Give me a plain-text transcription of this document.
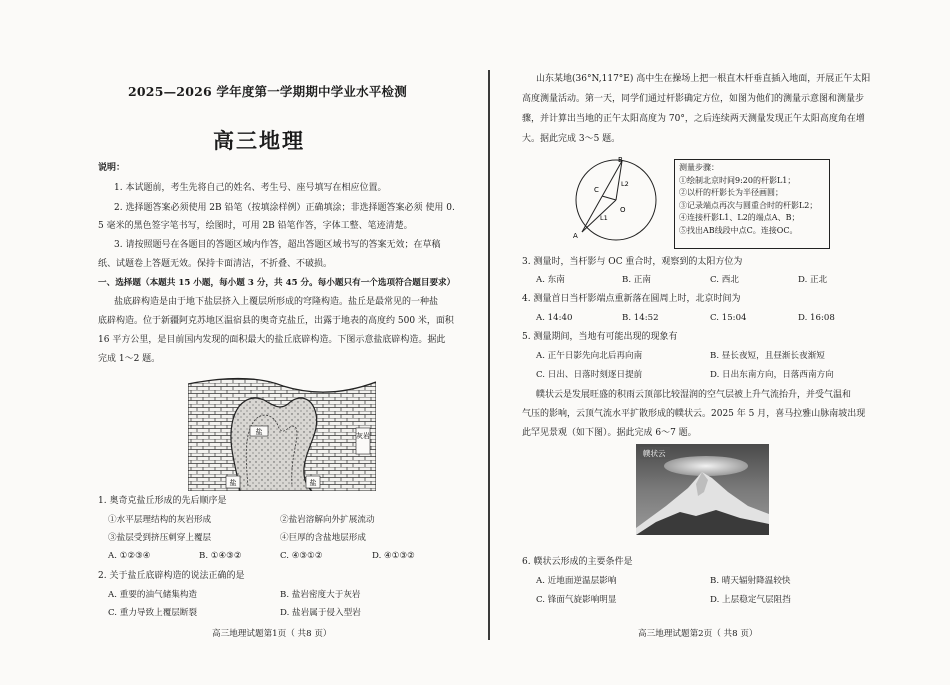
2025—2026 学年度第一学期期中学业水平检测
高三地理
说明：
1. 本试题前，考生先将自己的姓名、考生号、座号填写在相应位置。
2. 选择题答案必须使用 2B 铅笔（按填涂样例）正确填涂；非选择题答案必须 使用 0.
5 毫米的黑色签字笔书写，绘图时，可用 2B 铅笔作答，字体工整、笔迹清楚。
3. 请按照题号在各题目的答题区域内作答，超出答题区域书写的答案无效；在草稿
纸、试题卷上答题无效。保持卡面清洁，不折叠、不破损。
一、选择题（本题共 15 小题，每小题 3 分，共 45 分。每小题只有一个选项符合题目要求）
盐底辟构造是由于地下盐层挤入上覆层所形成的穹隆构造。盐丘是最常见的一种盐
底辟构造。位于新疆阿克苏地区温宿县的奥奇克盐丘，出露于地表的高度约 500 米，面积
16 平方公里，是目前国内发现的面积最大的盐丘底辟构造。下图示意盐底辟构造。据此
完成 1～2 题。
盐	灰岩
盐	盐
1. 奥奇克盐丘形成的先后顺序是
①水平层理结构的灰岩形成	②盐岩溶解向外扩展流动
③盐层受到挤压刺穿上覆层	④巨厚的含盐地层形成
A. ①②③④	B. ①④③②	C. ④③①②	D. ④①③②
2. 关于盐丘底辟构造的说法正确的是
A. 重要的油气储集构造	B. 盐岩密度大于灰岩
C. 重力导致上覆层断裂	D. 盐岩属于侵入型岩
高三地理试题第1页（ 共8 页）
山东某地(36°N,117°E) 高中生在操场上把一根直木杆垂直插入地面，开展正午太阳
高度测量活动。第一天，同学们通过杆影确定方位，如图为他们的测量示意图和测量步
骤，并计算出当地的正午太阳高度为 70°，之后连续两天测量发现正午太阳高度角在增
大。据此完成 3～5 题。
B
A
C
O
L1
L2
测量步骤：
①绘制北京时间9:20的杆影L1；
②以杆的杆影长为半径画圆；
③记录端点再次与圆重合时的杆影L2；
④连接杆影L1、L2的端点A、B；
⑤找出AB线段中点C。连接OC。
3. 测量时，当杆影与 OC 重合时，观察到的太阳方位为
A. 东南	B. 正南	C. 西北	D. 正北
4. 测量首日当杆影端点重新落在圆周上时，北京时间为
A. 14:40	B. 14:52	C. 15:04	D. 16:08
5. 测量期间，当地有可能出现的现象有
A. 正午日影先向北后再向南	B. 昼长夜短，且昼渐长夜渐短
C. 日出、日落时刻逐日提前	D. 日出东南方向，日落西南方向
幞状云是发展旺盛的积雨云顶部比较湿润的空气层被上升气流抬升，并受气温和
气压的影响，云顶气流水平扩散形成的幞状云。2025 年 5 月，喜马拉雅山脉南坡出现
此罕见景观（如下图）。据此完成 6～7 题。
幞状云
6. 幞状云形成的主要条件是
A. 近地面逆温层影响	B. 晴天辐射降温较快
C. 锋面气旋影响明显	D. 上层稳定气层阻挡
高三地理试题第2页（ 共8 页）
